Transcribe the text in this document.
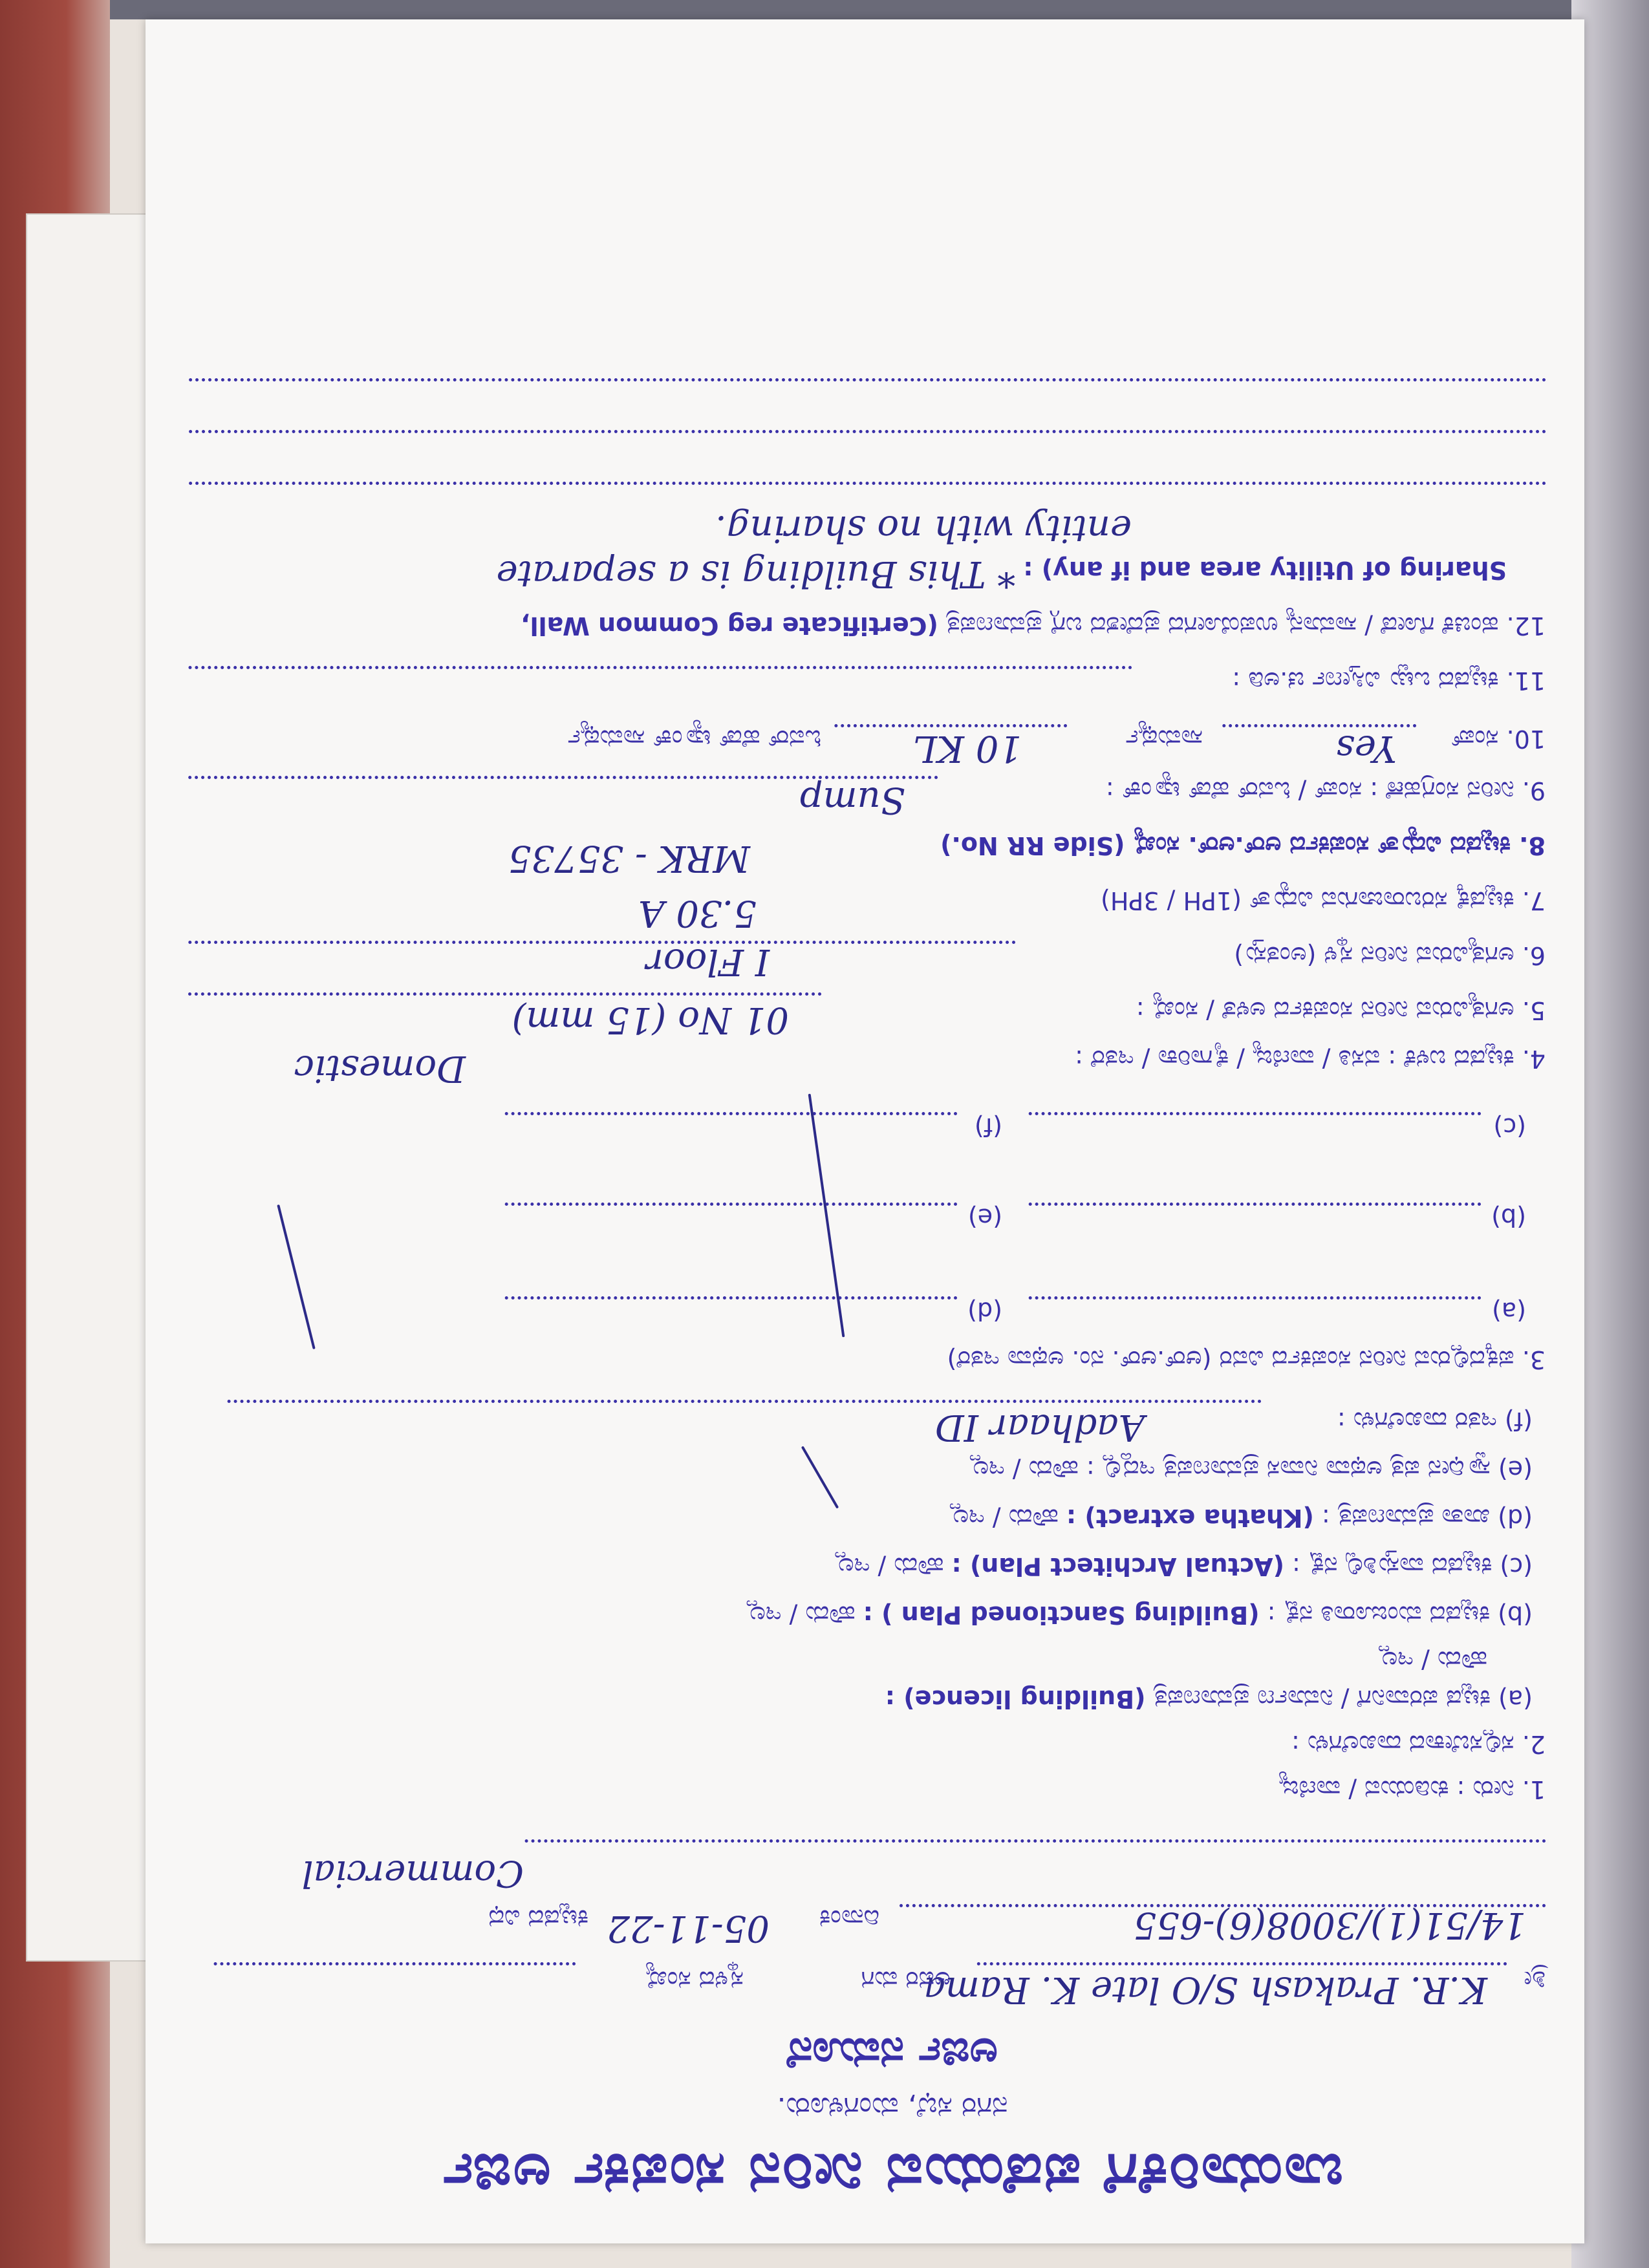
ಬಾಯಾರಿಕೆಗೆ ಪಡೆಯುವ ನೀರಿನ ಸಂಪರ್ಕ ಅರ್ಜಿ
ನಗರ ಸಭೆ, ಮಂಗಳೂರು.
ಅರ್ಜಿ ನಮೂನೆ
ಶ್ರೀ
K.R. Prakash S/O late K. Rama
ಅವರ ಮಗ
ಸ್ಥಳದ ಸಂಖ್ಯೆ
14/51(1)/3008(6)-655
ದಿನಾಂಕ
05-11-22
ಕಟ್ಟಡದ ವಿಧ
Commercial
1. ನೀರು : ಕುಡಿಯುವ / ವಾಣಿಜ್ಯ
2. ಸಲ್ಲಿಸಬೇಕಾದ ದಾಖಲೆಗಳು :
(a) ಕಟ್ಟಡ ಪರವಾನಿಗೆ / ನಿರ್ಮಾಣ ಪ್ರಮಾಣಪತ್ರ (Building licence) :
ಹೌದು / ಇಲ್ಲ
(b) ಕಟ್ಟಡದ ಮಂಜೂರಾತಿ ನಕ್ಷೆ : (Building Sanctioned Plan ) : ಹೌದು / ಇಲ್ಲ
(c) ಕಟ್ಟಡದ ವಾಸ್ತುಶಿಲ್ಪಿ ನಕ್ಷೆ : (Actual Architect Plan) : ಹೌದು / ಇಲ್ಲ
(d) ಖಾತಾ ಪ್ರಮಾಣಪತ್ರ : (Khatha extract) : ಹೌದು / ಇಲ್ಲ
(e) ಸ್ವಾಧೀನ ಪತ್ರ ಅಥವಾ ನಿವಾಸ ಪ್ರಮಾಣಪತ್ರ ಇದ್ದಲ್ಲಿ : ಹೌದು / ಇಲ್ಲ
(f) ಇತರ ದಾಖಲೆಗಳು :
Aadhaar ID
3. ಪಕ್ಕದಲ್ಲಿರುವ ನೀರಿನ ಸಂಪರ್ಕದ ವಿವರ (ಆರ್.ಆರ್. ನಂ. ಅಥವಾ ಇತರೆ)
(a)
(d)
(b)
(e)
(c)
(f)
4. ಕಟ್ಟಡದ ಬಳಕೆ : ವಸತಿ / ವಾಣಿಜ್ಯ / ಕೈಗಾರಿಕಾ / ಇತರೆ :
Domestic
5. ಅಗತ್ಯವಿರುವ ನೀರಿನ ಸಂಪರ್ಕದ ಅಳತೆ / ಸಂಖ್ಯೆ :
01 No (15 mm)
6. ಅಗತ್ಯವಿರುವ ನೀರಿನ ಸ್ಥಳ (ಅಂತಸ್ತು)
I Floor
7. ಕಟ್ಟಡಕ್ಕೆ ಸರಬರಾಜಾಗುವ ವಿದ್ಯುತ್ (1PH / 3PH)
5.30 A
8. ಕಟ್ಟಡದ ವಿದ್ಯುತ್ ಸಂಪರ್ಕದ ಆರ್.ಆರ್. ಸಂಖ್ಯೆ (Side RR No.)
MRK - 35735
9. ನೀರಿನ ಸಂಗ್ರಹಣೆ : ಸಂಪ್ / ಓವರ್ ಹೆಡ್ ಟ್ಯಾಂಕ್ :
Sump
10. ಸಂಪ್
Yes
ಸಾಮರ್ಥ್ಯ
10 KL
ಓವರ್ ಹೆಡ್ ಟ್ಯಾಂಕ್ ಸಾಮರ್ಥ್ಯ
11. ಕಟ್ಟಡದ ಒಟ್ಟು ವಿಸ್ತೀರ್ಣ ಚ.ಅಡಿ :
12. ಹಂಚಿಕೆ ಗೋಡೆ / ಸಾಮಾನ್ಯ ಉಪಯೋಗದ ಪ್ರದೇಶದ ಬಗ್ಗೆ ಪ್ರಮಾಣಪತ್ರ (Certificate reg Common Wall,
Sharing of Utility area and if any) : * This Building is a separate
entity with no sharing.
